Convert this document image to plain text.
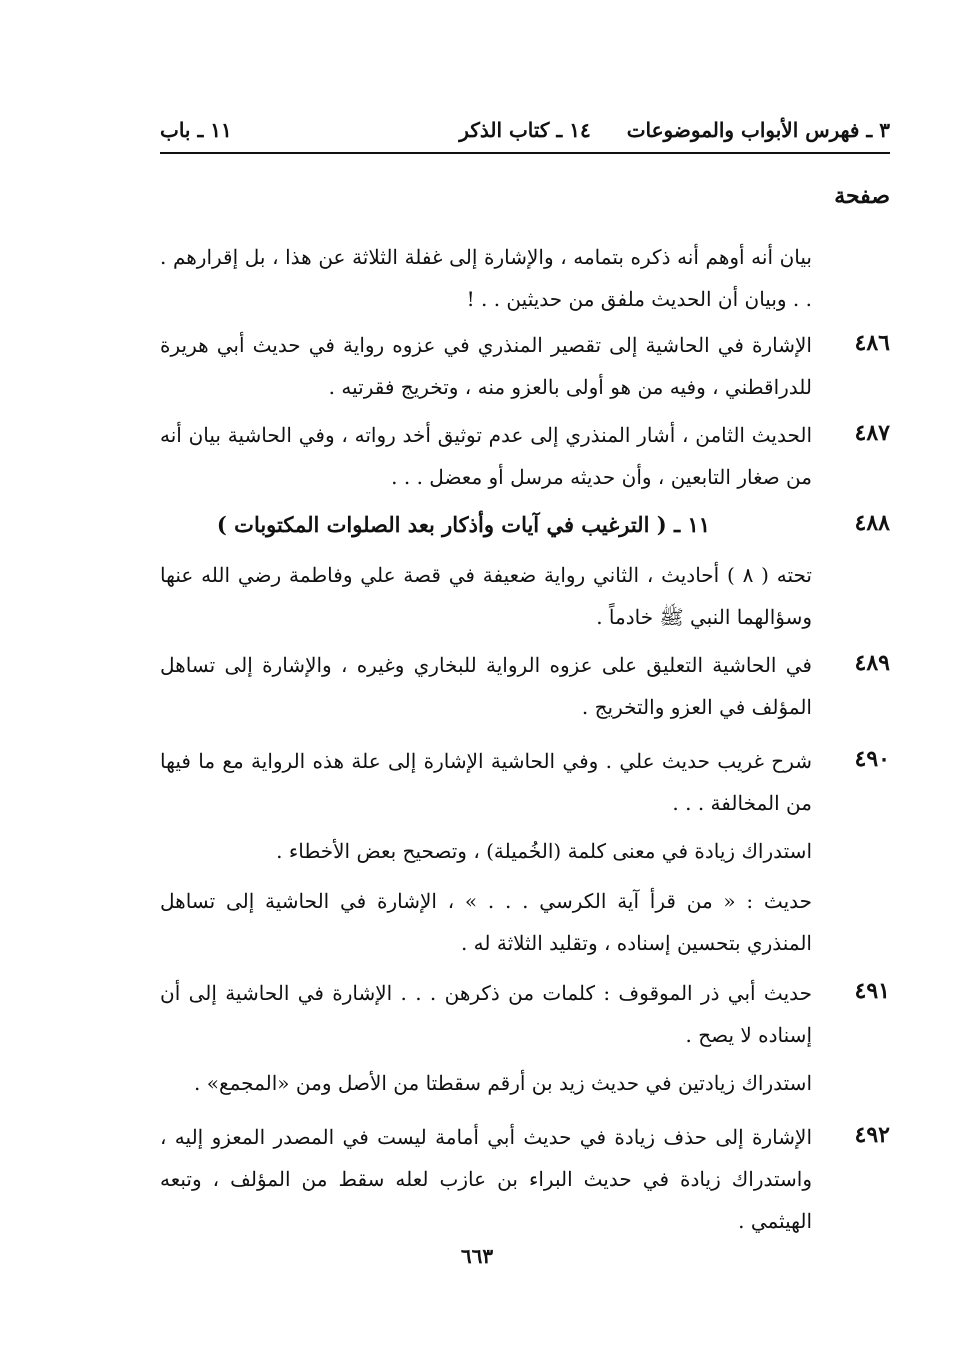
٣ ـ فهرس الأبواب والموضوعات
١٤ ـ كتاب الذكر
١١ ـ باب
صفحة
بيان أنه أوهم أنه ذكره بتمامه ، والإشارة إلى غفلة الثلاثة عن هذا ، بل إقرارهم . . . وبيان أن الحديث ملفق من حديثين . . !
٤٨٦
الإشارة في الحاشية إلى تقصير المنذري في عزوه رواية في حديث أبي هريرة للدراقطني ، وفيه من هو أولى بالعزو منه ، وتخريج فقرتيه .
٤٨٧
الحديث الثامن ، أشار المنذري إلى عدم توثيق أخد رواته ، وفي الحاشية بيان أنه من صغار التابعين ، وأن حديثه مرسل أو معضل . . .
٤٨٨
١١ ـ ( الترغيب في آيات وأذكار بعد الصلوات المكتوبات )
تحته ( ٨ ) أحاديث ، الثاني رواية ضعيفة في قصة علي وفاطمة رضي الله عنها وسؤالهما النبي ﷺ خادماً .
٤٨٩
في الحاشية التعليق على عزوه الرواية للبخاري وغيره ، والإشارة إلى تساهل المؤلف في العزو والتخريج .
٤٩٠
شرح غريب حديث علي . وفي الحاشية الإشارة إلى علة هذه الرواية مع ما فيها من المخالفة . . .
استدراك زيادة في معنى كلمة (الخُميلة) ، وتصحيح بعض الأخطاء .
حديث : « من قرأ آية الكرسي . . . » ، الإشارة في الحاشية إلى تساهل المنذري بتحسين إسناده ، وتقليد الثلاثة له .
٤٩١
حديث أبي ذر الموقوف : كلمات من ذكرهن . . . الإشارة في الحاشية إلى أن إسناده لا يصح .
استدراك زيادتين في حديث زيد بن أرقم سقطتا من الأصل ومن «المجمع» .
٤٩٢
الإشارة إلى حذف زيادة في حديث أبي أمامة ليست في المصدر المعزو إليه ، واستدراك زيادة في حديث البراء بن عازب لعله سقط من المؤلف ، وتبعه الهيثمي .
٦٦٣
